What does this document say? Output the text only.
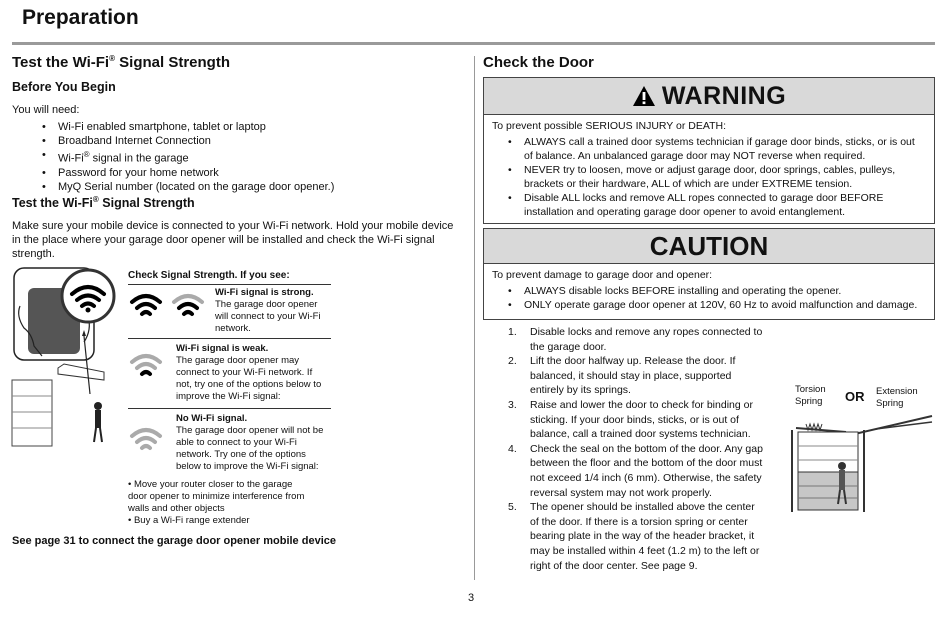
Preparation
Test the Wi-Fi® Signal Strength
Before You Begin
You will need:
• Wi-Fi enabled smartphone, tablet or laptop
• Broadband Internet Connection
• Wi-Fi® signal in the garage
• Password for your home network
• MyQ Serial number (located on the garage door opener.)
Test the Wi-Fi® Signal Strength
Make sure your mobile device is connected to your Wi-Fi network. Hold your mobile device in the place where your garage door opener will be installed and check the Wi-Fi signal strength.
Check Signal Strength. If you see:
Wi-Fi signal is strong.
The garage door opener will connect to your Wi-Fi network.
Wi-Fi signal is weak.
The garage door opener may connect to your Wi-Fi network. If not, try one of the options below to improve the Wi-Fi signal:
No Wi-Fi signal.
The garage door opener will not be able to connect to your Wi-Fi network. Try one of the options below to improve the Wi-Fi signal:
• Move your router closer to the garage door opener to minimize interference from walls and other objects
• Buy a Wi-Fi range extender
See page 31 to connect the garage door opener mobile device
Check the Door
WARNING
To prevent possible SERIOUS INJURY or DEATH:
• ALWAYS call a trained door systems technician if garage door binds, sticks, or is out of balance. An unbalanced garage door may NOT reverse when required.
• NEVER try to loosen, move or adjust garage door, door springs, cables, pulleys, brackets or their hardware, ALL of which are under EXTREME tension.
• Disable ALL locks and remove ALL ropes connected to garage door BEFORE installation and operating garage door opener to avoid entanglement.
CAUTION
To prevent damage to garage door and opener:
• ALWAYS disable locks BEFORE installing and operating the opener.
• ONLY operate garage door opener at 120V, 60 Hz to avoid malfunction and damage.
1. Disable locks and remove any ropes connected to the garage door.
2. Lift the door halfway up. Release the door. If balanced, it should stay in place, supported entirely by its springs.
3. Raise and lower the door to check for binding or sticking. If your door binds, sticks, or is out of balance, call a trained door systems technician.
4. Check the seal on the bottom of the door. Any gap between the floor and the bottom of the door must not exceed 1/4 inch (6 mm). Otherwise, the safety reversal system may not work properly.
5. The opener should be installed above the center of the door. If there is a torsion spring or center bearing plate in the way of the header bracket, it may be installed within 4 feet (1.2 m) to the left or right of the door center. See page 9.
Torsion Spring	OR Extension Spring
3
